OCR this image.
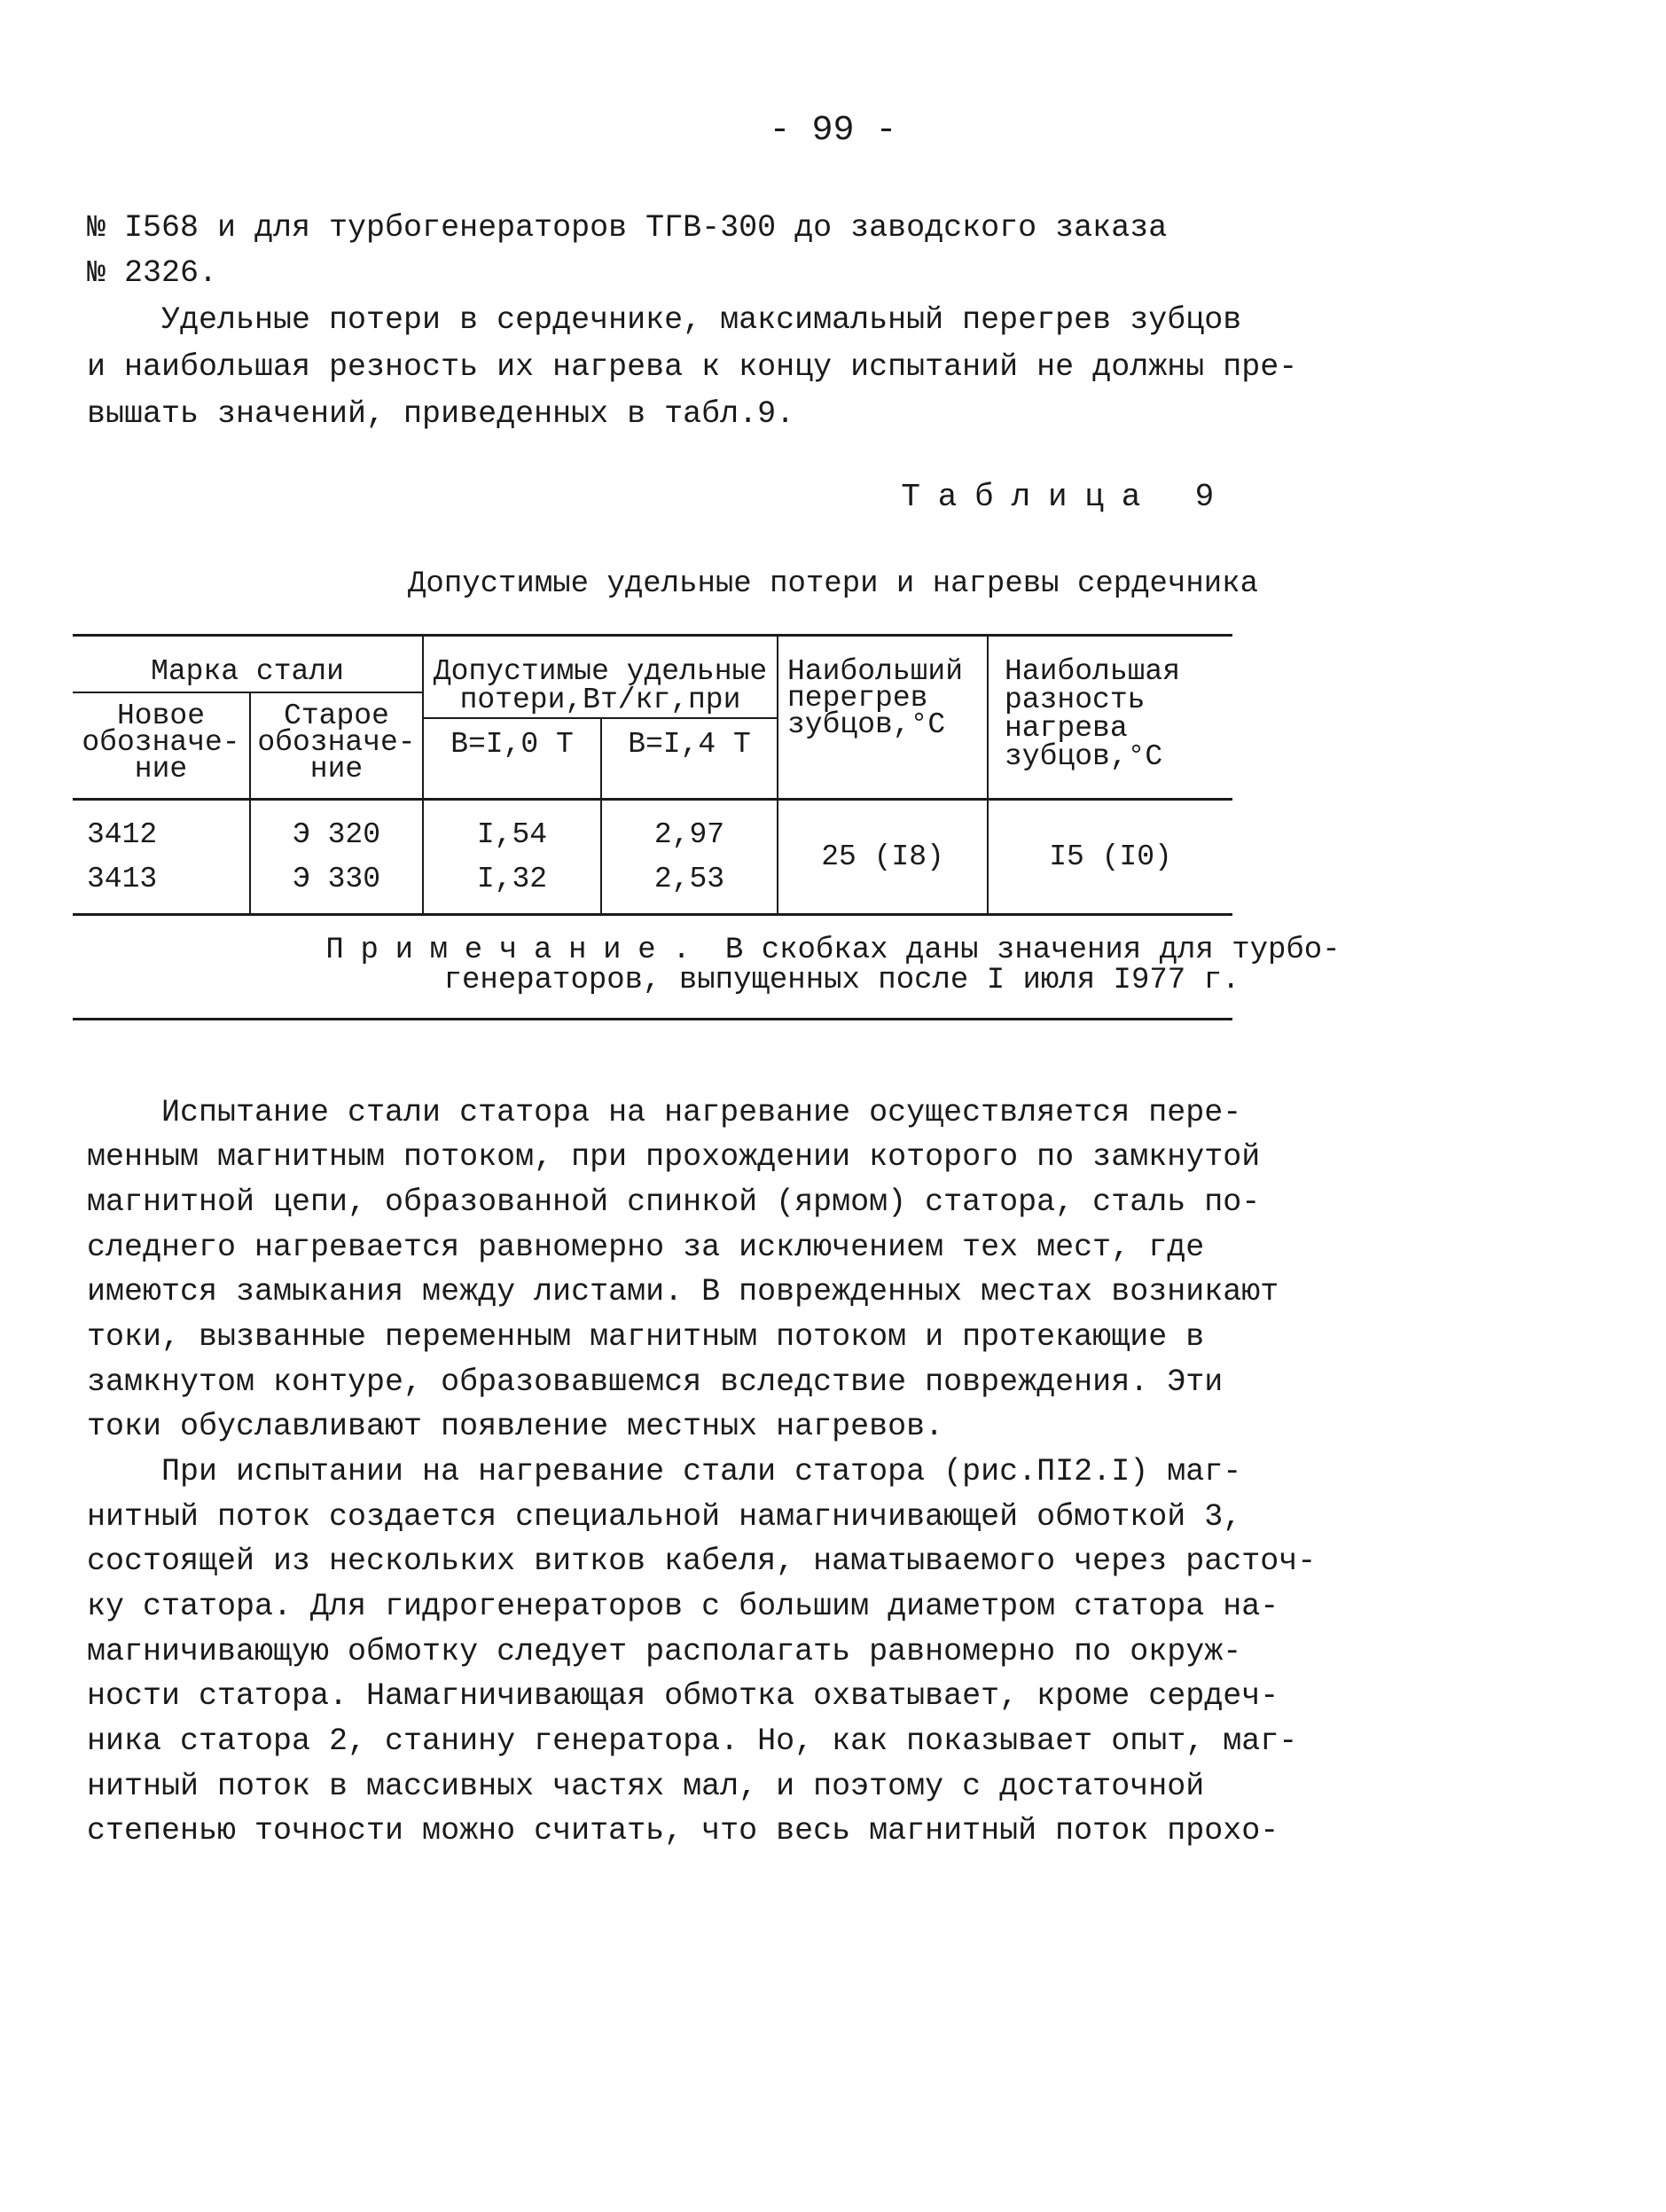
- 99 -
№ I568 и для турбогенераторов ТГВ-300 до заводского заказа
№ 2326.
Удельные потери в сердечнике, максимальный перегрев зубцов
и наибольшая резность их нагрева к концу испытаний не должны пре-
вышать значений, приведенных в табл.9.
Таблица 9
Допустимые удельные потери и нагревы сердечника
Марка стали
Новое
обозначе-
ние
Старое
обозначе-
ние
Допустимые удельные
потери,Вт/кг,при
В=I,0 Т	В=I,4 Т
Наибольший
перегрев
зубцов,°С
Наибольшая
разность
нагрева
зубцов,°С
3412	Э 320	I,54	2,97
3413	Э 330	I,32	2,53
25 (I8)	I5 (I0)
Примечание. В скобках даны значения для турбо-
генераторов, выпущенных после I июля I977 г.
Испытание стали статора на нагревание осуществляется пере-
менным магнитным потоком, при прохождении которого по замкнутой
магнитной цепи, образованной спинкой (ярмом) статора, сталь по-
следнего нагревается равномерно за исключением тех мест, где
имеются замыкания между листами. В поврежденных местах возникают
токи, вызванные переменным магнитным потоком и протекающие в
замкнутом контуре, образовавшемся вследствие повреждения. Эти
токи обуславливают появление местных нагревов.
При испытании на нагревание стали статора (рис.ПI2.I) маг-
нитный поток создается специальной намагничивающей обмоткой 3,
состоящей из нескольких витков кабеля, наматываемого через расточ-
ку статора. Для гидрогенераторов с большим диаметром статора на-
магничивающую обмотку следует располагать равномерно по окруж-
ности статора. Намагничивающая обмотка охватывает, кроме сердеч-
ника статора 2, станину генератора. Но, как показывает опыт, маг-
нитный поток в массивных частях мал, и поэтому с достаточной
степенью точности можно считать, что весь магнитный поток прохо-
